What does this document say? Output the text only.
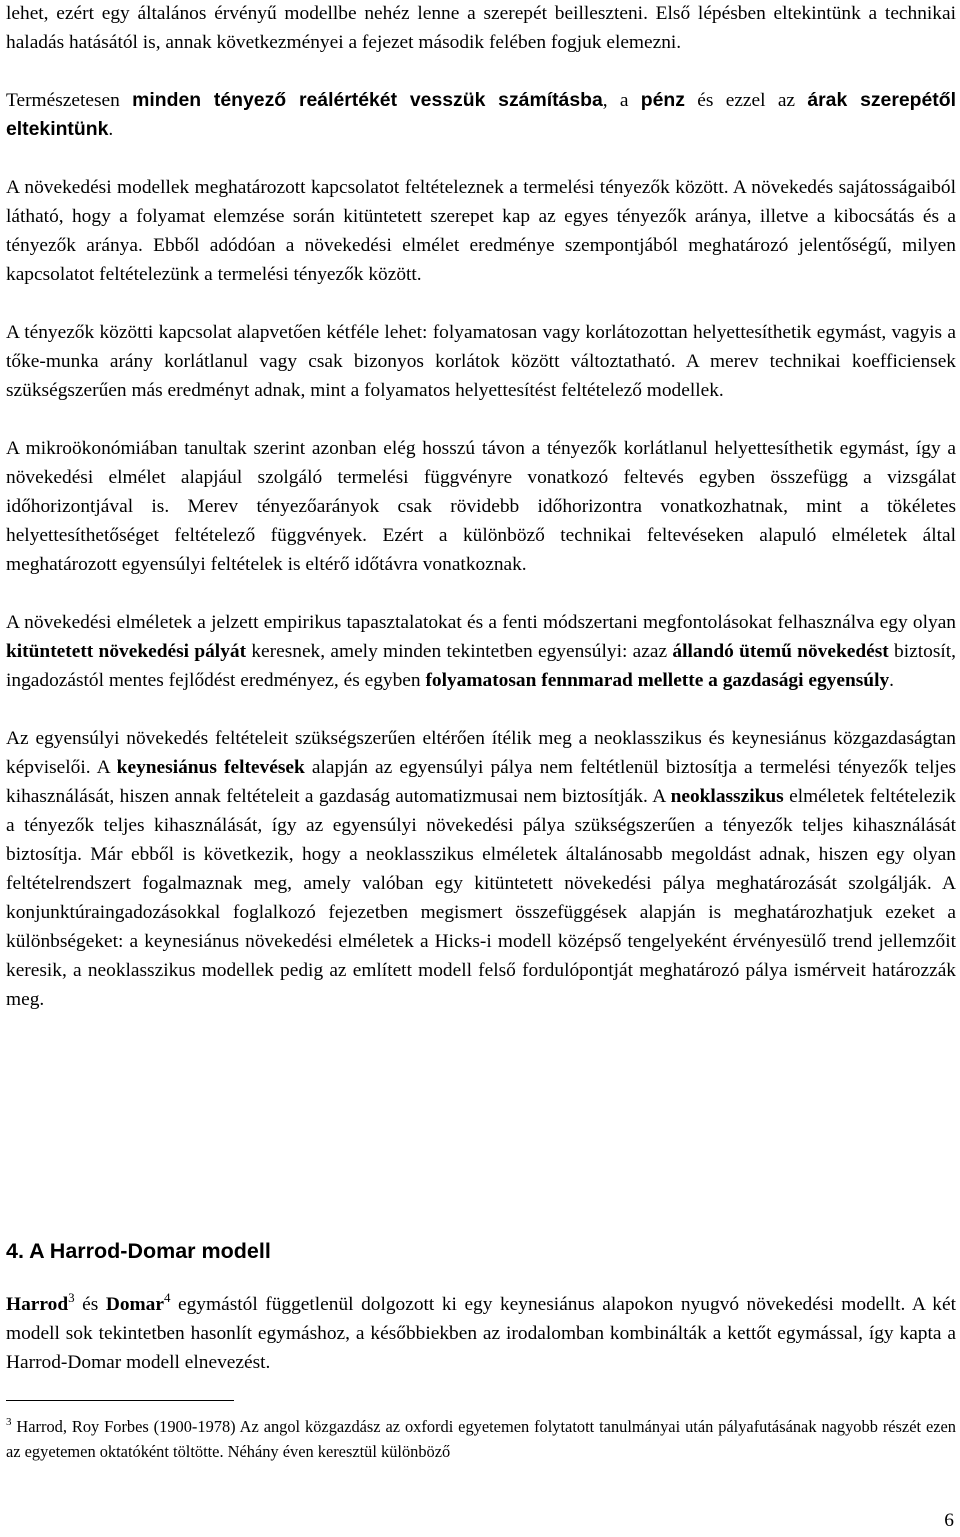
lehet, ezért egy általános érvényű modellbe nehéz lenne a szerepét beilleszteni. Első lépésben eltekintünk a technikai haladás hatásától is, annak következményei a fejezet második felében fogjuk elemezni.

Természetesen minden tényező reálértékét vesszük számításba, a pénz és ezzel az árak szerepétől eltekintünk.

A növekedési modellek meghatározott kapcsolatot feltételeznek a termelési tényezők között. A növekedés sajátosságaiból látható, hogy a folyamat elemzése során kitüntetett szerepet kap az egyes tényezők aránya, illetve a kibocsátás és a tényezők aránya. Ebből adódóan a növekedési elmélet eredménye szempontjából meghatározó jelentőségű, milyen kapcsolatot feltételezünk a termelési tényezők között.

A tényezők közötti kapcsolat alapvetően kétféle lehet: folyamatosan vagy korlátozottan helyettesíthetik egymást, vagyis a tőke-munka arány korlátlanul vagy csak bizonyos korlátok között változtatható. A merev technikai koefficiensek szükségszerűen más eredményt adnak, mint a folyamatos helyettesítést feltételező modellek.

A mikroökonómiában tanultak szerint azonban elég hosszú távon a tényezők korlátlanul helyettesíthetik egymást, így a növekedési elmélet alapjául szolgáló termelési függvényre vonatkozó feltevés egyben összefügg a vizsgálat időhorizontjával is. Merev tényezőarányok csak rövidebb időhorizontra vonatkozhatnak, mint a tökéletes helyettesíthetőséget feltételező függvények. Ezért a különböző technikai feltevéseken alapuló elméletek által meghatározott egyensúlyi feltételek is eltérő időtávra vonatkoznak.

A növekedési elméletek a jelzett empirikus tapasztalatokat és a fenti módszertani megfontolásokat felhasználva egy olyan kitüntetett növekedési pályát keresnek, amely minden tekintetben egyensúlyi: azaz állandó ütemű növekedést biztosít, ingadozástól mentes fejlődést eredményez, és egyben folyamatosan fennmarad mellette a gazdasági egyensúly.

Az egyensúlyi növekedés feltételeit szükségszerűen eltérően ítélik meg a neoklasszikus és keynesiánus közgazdaságtan képviselői. A keynesiánus feltevések alapján az egyensúlyi pálya nem feltétlenül biztosítja a termelési tényezők teljes kihasználását, hiszen annak feltételeit a gazdaság automatizmusai nem biztosítják. A neoklasszikus elméletek feltételezik a tényezők teljes kihasználását, így az egyensúlyi növekedési pálya szükségszerűen a tényezők teljes kihasználását biztosítja. Már ebből is következik, hogy a neoklasszikus elméletek általánosabb megoldást adnak, hiszen egy olyan feltételrendszert fogalmaznak meg, amely valóban egy kitüntetett növekedési pálya meghatározását szolgálják. A konjunktúraingadozásokkal foglalkozó fejezetben megismert összefüggések alapján is meghatározhatjuk ezeket a különbségeket: a keynesiánus növekedési elméletek a Hicks-i modell középső tengelyeként érvényesülő trend jellemzőit keresik, a neoklasszikus modellek pedig az említett modell felső fordulópontját meghatározó pálya ismérveit határozzák meg.

4. A Harrod-Domar modell

Harrod$^3$ és Domar$^4$ egymástól függetlenül dolgozott ki egy keynesiánus alapokon nyugvó növekedési modellt. A két modell sok tekintetben hasonlít egymáshoz, a későbbiekben az irodalomban kombinálták a kettőt egymással, így kapta a Harrod-Domar modell elnevezést.

$^3$ Harrod, Roy Forbes (1900-1978) Az angol közgazdász az oxfordi egyetemen folytatott tanulmányai után pályafutásának nagyobb részét ezen az egyetemen oktatóként töltötte. Néhány éven keresztül különböző

6
